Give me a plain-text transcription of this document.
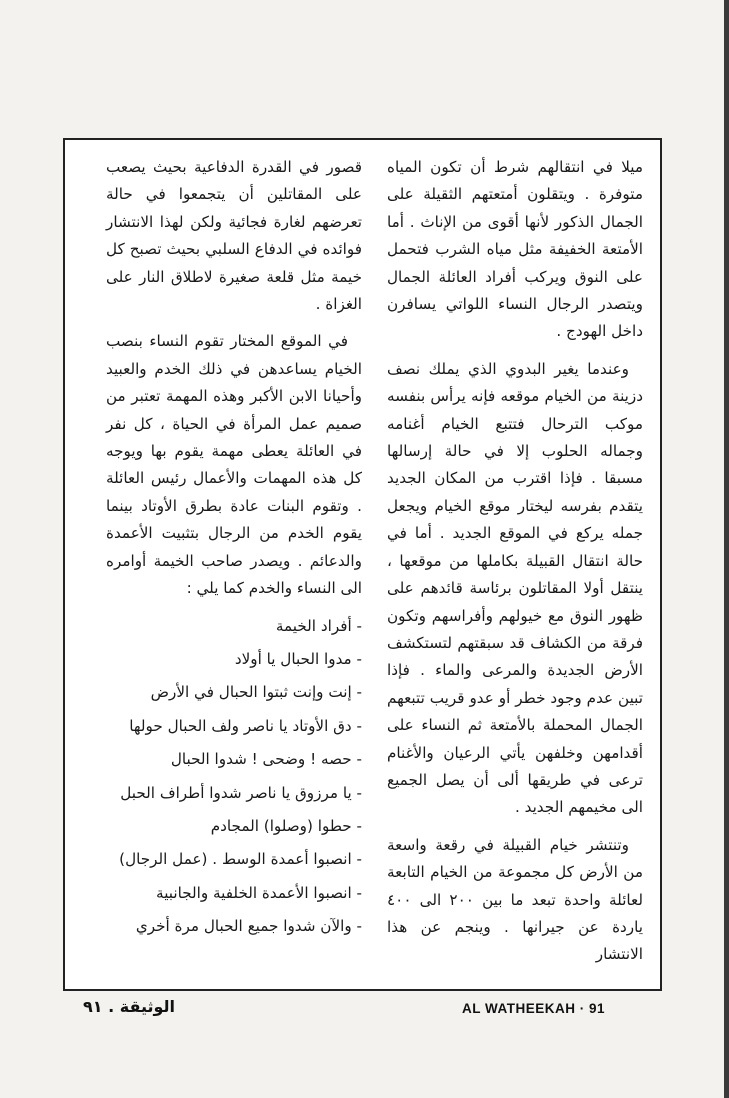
ميلا في انتقالهم شرط أن تكون المياه متوفرة . ويتقلون أمتعتهم الثقيلة على الجمال الذكور لأنها أقوى من الإناث . أما الأمتعة الخفيفة مثل مياه الشرب فتحمل على النوق ويركب أفراد العائلة الجمال ويتصدر الرجال النساء اللواتي يسافرن داخل الهودج .

وعندما يغير البدوي الذي يملك نصف دزينة من الخيام موقعه فإنه يرأس بنفسه موكب الترحال فتتبع الخيام أغنامه وجماله الحلوب إلا في حالة إرسالها مسبقا . فإذا اقترب من المكان الجديد يتقدم بفرسه ليختار موقع الخيام ويجعل جمله يركع في الموقع الجديد . أما في حالة انتقال القبيلة بكاملها من موقعها ، ينتقل أولا المقاتلون برئاسة قائدهم على ظهور النوق مع خيولهم وأفراسهم وتكون فرقة من الكشاف قد سبقتهم لتستكشف الأرض الجديدة والمرعى والماء . فإذا تبين عدم وجود خطر أو عدو قريب تتبعهم الجمال المحملة بالأمتعة ثم النساء على أقدامهن وخلفهن يأتي الرعيان والأغنام ترعى في طريقها ألى أن يصل الجميع الى مخيمهم الجديد .

وتنتشر خيام القبيلة في رقعة واسعة من الأرض كل مجموعة من الخيام التابعة لعائلة واحدة تبعد ما بين ٢٠٠ الى ٤٠٠ ياردة عن جيرانها . وينجم عن هذا الانتشار

قصور في القدرة الدفاعية بحيث يصعب على المقاتلين أن يتجمعوا في حالة تعرضهم لغارة فجائية ولكن لهذا الانتشار فوائده في الدفاع السلبي بحيث تصبح كل خيمة مثل قلعة صغيرة لاطلاق النار على الغزاة .

في الموقع المختار تقوم النساء بنصب الخيام يساعدهن في ذلك الخدم والعبيد وأحيانا الابن الأكبر وهذه المهمة تعتبر من صميم عمل المرأة في الحياة ، كل نفر في العائلة يعطى مهمة يقوم بها ويوجه كل هذه المهمات والأعمال رئيس العائلة . وتقوم البنات عادة بطرق الأوتاد بينما يقوم الخدم من الرجال بتثبيت الأعمدة والدعائم . ويصدر صاحب الخيمة أوامره الى النساء والخدم كما يلي :

- أفراد الخيمة
- مدوا الحبال يا أولاد
- إنت وإنت ثبتوا الحبال في الأرض
- دق الأوتاد يا ناصر ولف الحبال حولها
- حصه ! وضحى ! شدوا الحبال
- يا مرزوق يا ناصر شدوا أطراف الحبل
- حطوا (وصلوا) المجادم
- انصبوا أعمدة الوسط . (عمل الرجال)
- انصبوا الأعمدة الخلفية والجانبية
- والآن شدوا جميع الحبال مرة أخري
الوثيقة . ٩١	AL WATHEEKAH · 91
